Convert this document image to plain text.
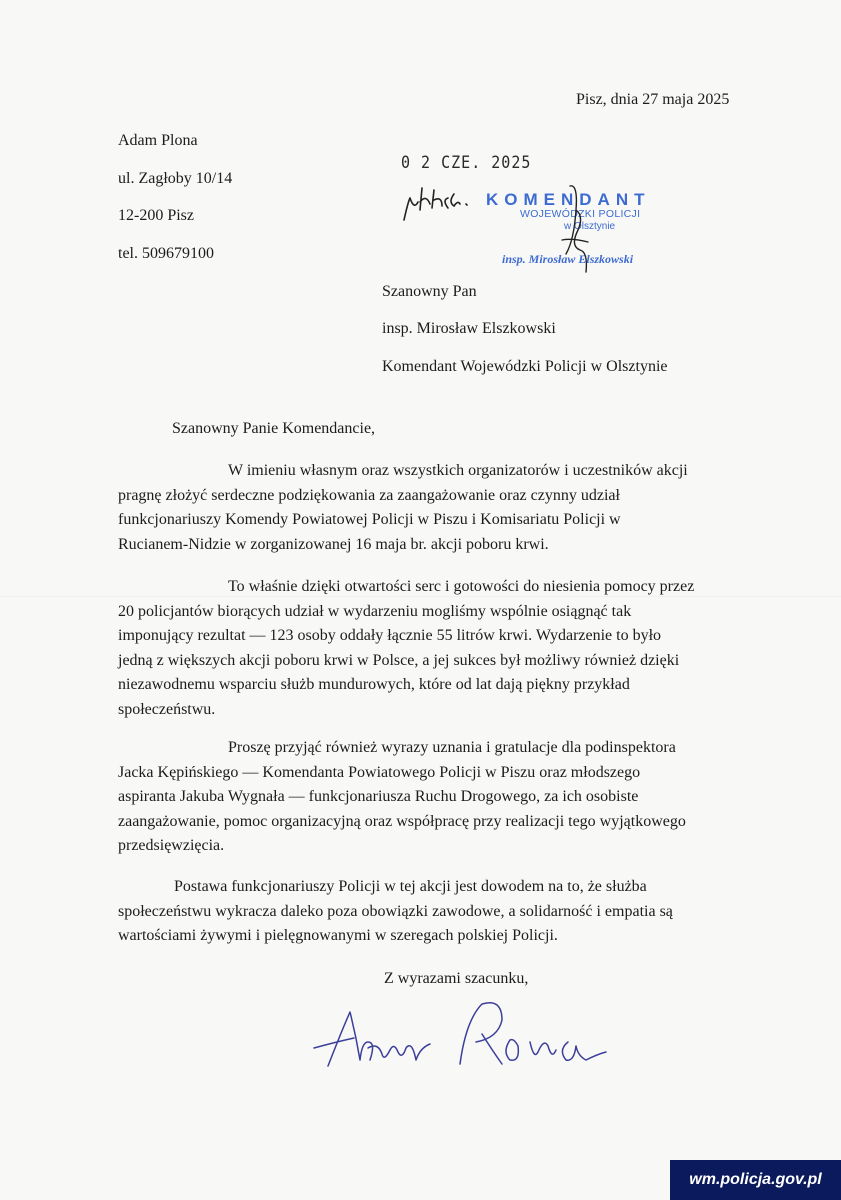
Pisz, dnia 27 maja 2025
Adam Plona
ul. Zagłoby 10/14
12-200 Pisz
tel. 509679100
0 2 CZE. 2025
KOMENDANT
WOJEWÓDZKI POLICJI
w Olsztynie
insp. Mirosław Elszkowski
Szanowny Pan
insp. Mirosław Elszkowski
Komendant Wojewódzki Policji w Olsztynie
Szanowny Panie Komendancie,
W imieniu własnym oraz wszystkich organizatorów i uczestników akcji
pragnę złożyć serdeczne podziękowania za zaangażowanie oraz czynny udział
funkcjonariuszy Komendy Powiatowej Policji w Piszu i Komisariatu Policji w
Rucianem-Nidzie w zorganizowanej 16 maja br. akcji poboru krwi.
To właśnie dzięki otwartości serc i gotowości do niesienia pomocy przez
20 policjantów biorących udział w wydarzeniu mogliśmy wspólnie osiągnąć tak
imponujący rezultat — 123 osoby oddały łącznie 55 litrów krwi. Wydarzenie to było
jedną z większych akcji poboru krwi w Polsce, a jej sukces był możliwy również dzięki
niezawodnemu wsparciu służb mundurowych, które od lat dają piękny przykład
społeczeństwu.
Proszę przyjąć również wyrazy uznania i gratulacje dla podinspektora
Jacka Kępińskiego — Komendanta Powiatowego Policji w Piszu oraz młodszego
aspiranta Jakuba Wygnała — funkcjonariusza Ruchu Drogowego, za ich osobiste
zaangażowanie, pomoc organizacyjną oraz współpracę przy realizacji tego wyjątkowego
przedsięwzięcia.
Postawa funkcjonariuszy Policji w tej akcji jest dowodem na to, że służba
społeczeństwu wykracza daleko poza obowiązki zawodowe, a solidarność i empatia są
wartościami żywymi i pielęgnowanymi w szeregach polskiej Policji.
Z wyrazami szacunku,
wm.policja.gov.pl
